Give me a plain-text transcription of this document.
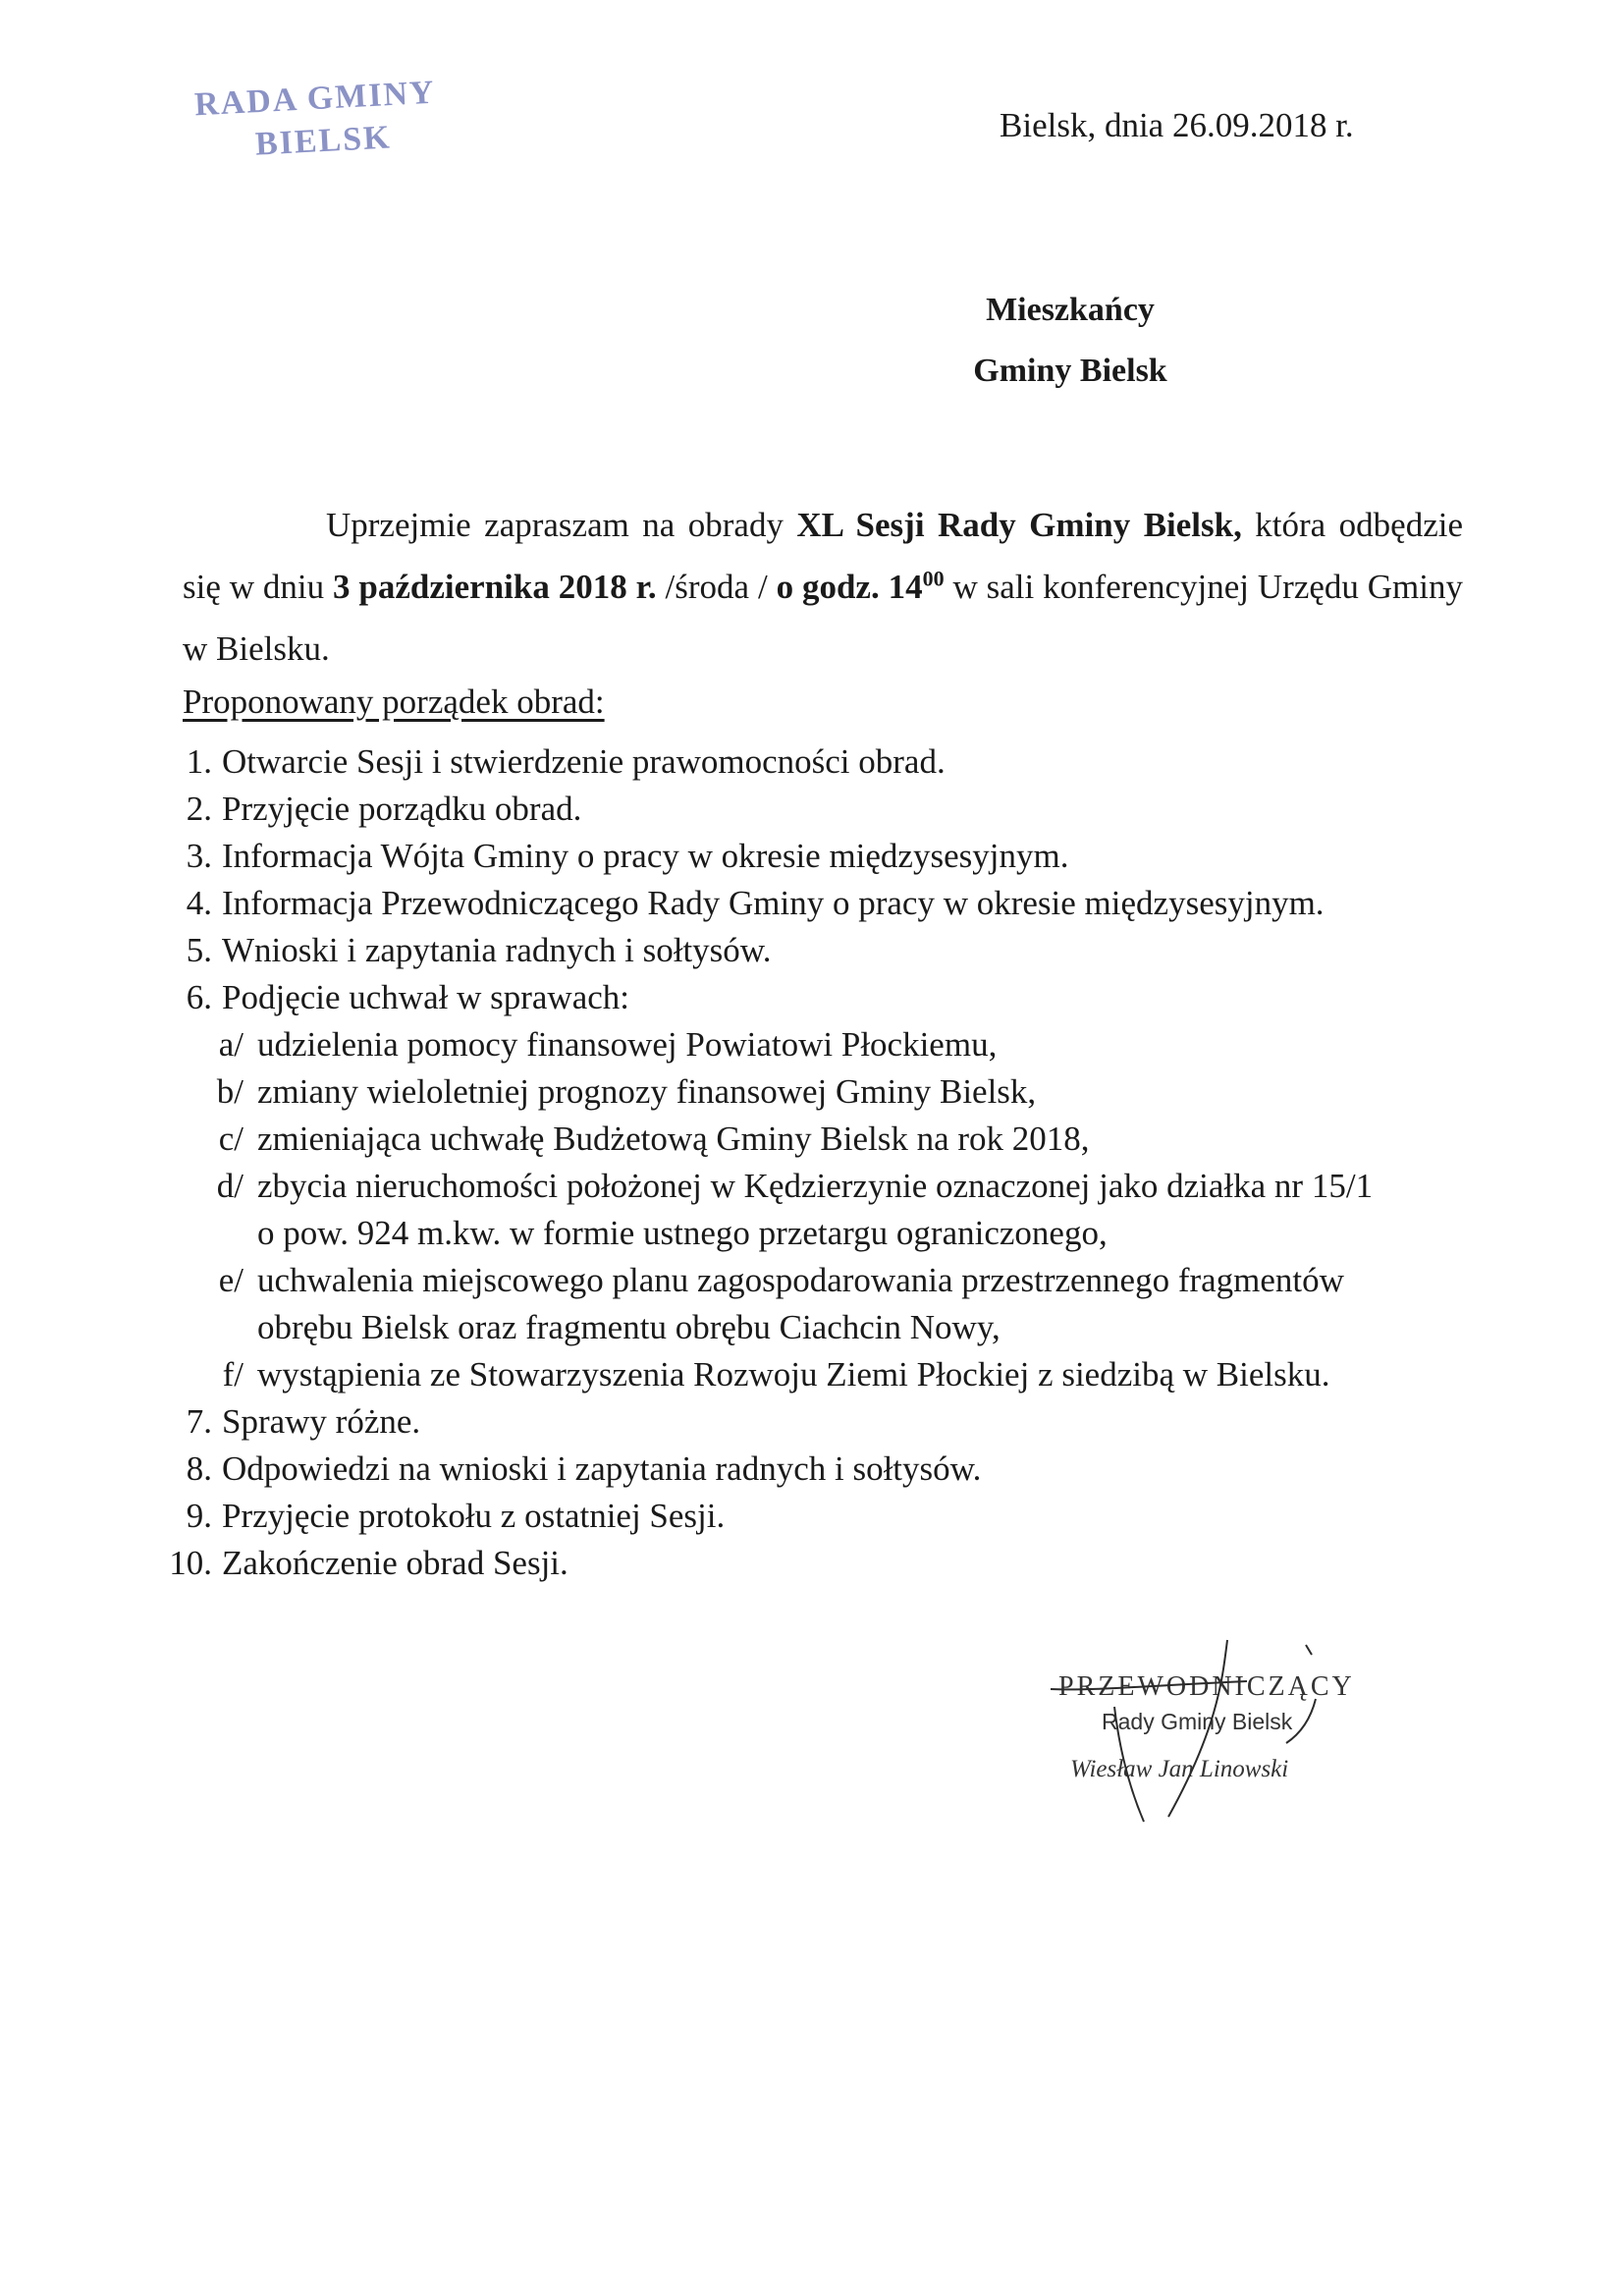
RADA GMINY
BIELSK	Bielsk, dnia 26.09.2018 r.
Mieszkańcy
Gminy Bielsk
Uprzejmie zapraszam na obrady XL Sesji Rady Gminy Bielsk, która odbędzie się w dniu 3 października 2018 r. /środa / o godz. $14^{00}$ w sali konferencyjnej Urzędu Gminy w Bielsku.
Proponowany porządek obrad:
1. Otwarcie Sesji i stwierdzenie prawomocności obrad.
2. Przyjęcie porządku obrad.
3. Informacja Wójta Gminy o pracy w okresie międzysesyjnym.
4. Informacja Przewodniczącego Rady Gminy o pracy w okresie międzysesyjnym.
5. Wnioski i zapytania radnych i sołtysów.
6. Podjęcie uchwał w sprawach:
a/ udzielenia pomocy finansowej Powiatowi Płockiemu,
b/ zmiany wieloletniej prognozy finansowej Gminy Bielsk,
c/ zmieniająca uchwałę Budżetową Gminy Bielsk na rok 2018,
d/ zbycia nieruchomości położonej w Kędzierzynie oznaczonej jako działka nr 15/1
o pow. 924 m.kw. w formie ustnego przetargu ograniczonego,
e/ uchwalenia miejscowego planu zagospodarowania przestrzennego fragmentów
obrębu Bielsk oraz fragmentu obrębu Ciachcin Nowy,
f/ wystąpienia ze Stowarzyszenia Rozwoju Ziemi Płockiej z siedzibą w Bielsku.
7. Sprawy różne.
8. Odpowiedzi na wnioski i zapytania radnych i sołtysów.
9. Przyjęcie protokołu z ostatniej Sesji.
10. Zakończenie obrad Sesji.
PRZEWODNICZĄCY
Rady Gminy Bielsk
Wiesław Jan Linowski
